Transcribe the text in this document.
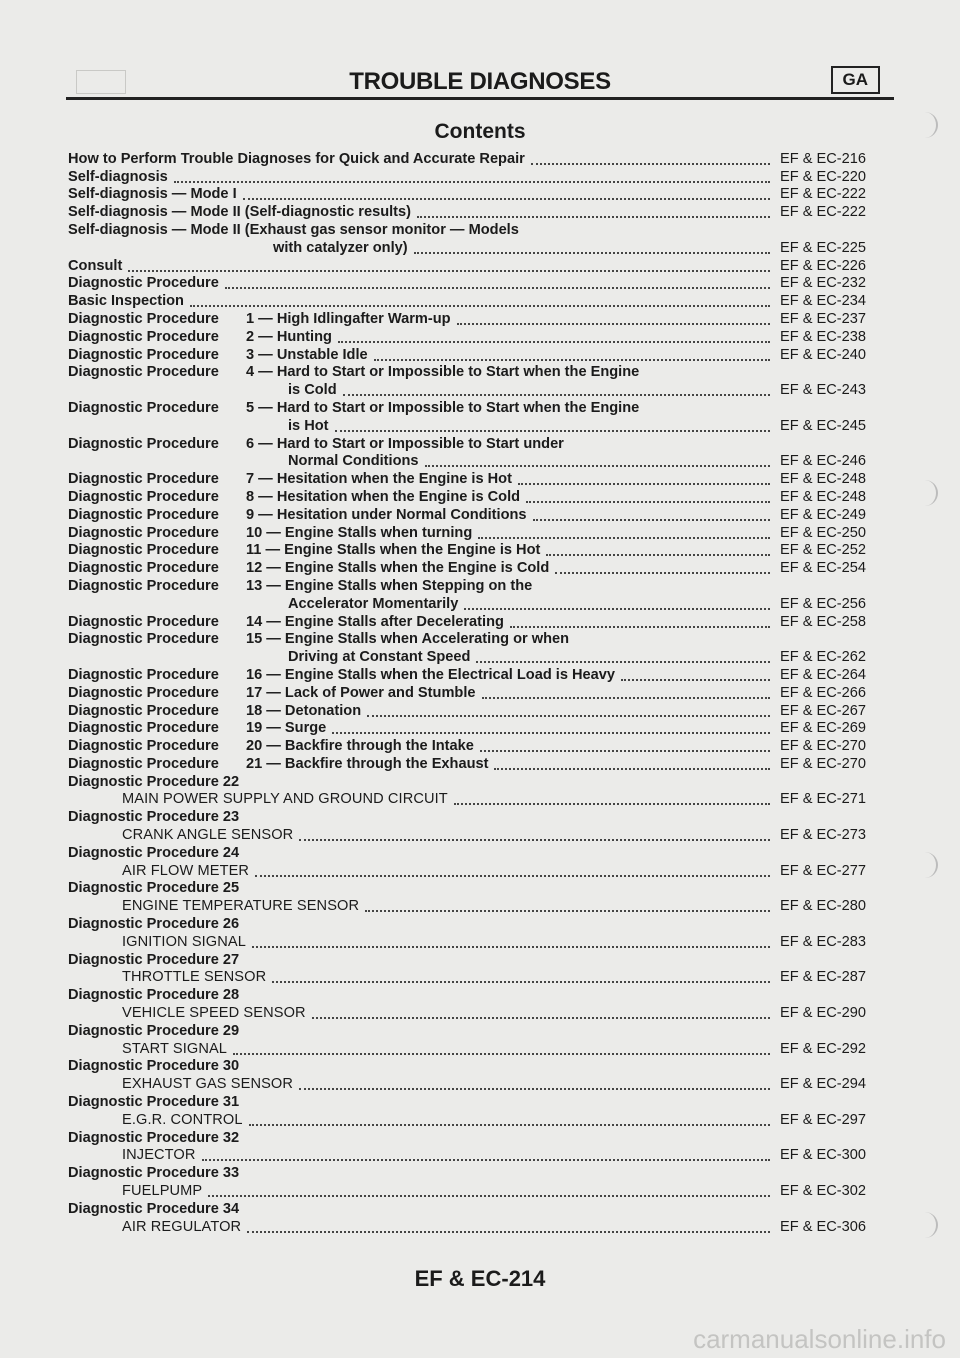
TROUBLE DIAGNOSES	GA
Contents
How to Perform Trouble Diagnoses for Quick and Accurate Repair	EF & EC-216
Self-diagnosis	EF & EC-220
Self-diagnosis — Mode I	EF & EC-222
Self-diagnosis — Mode II (Self-diagnostic results)	EF & EC-222
Self-diagnosis — Mode II (Exhaust gas sensor monitor — Models
with catalyzer only)	EF & EC-225
Consult	EF & EC-226
Diagnostic Procedure	EF & EC-232
Basic Inspection	EF & EC-234
Diagnostic Procedure 1 — High Idlingafter Warm-up	EF & EC-237
Diagnostic Procedure 2 — Hunting	EF & EC-238
Diagnostic Procedure 3 — Unstable Idle	EF & EC-240
Diagnostic Procedure 4 — Hard to Start or Impossible to Start when the Engine
is Cold	EF & EC-243
Diagnostic Procedure 5 — Hard to Start or Impossible to Start when the Engine
is Hot	EF & EC-245
Diagnostic Procedure 6 — Hard to Start or Impossible to Start under
Normal Conditions	EF & EC-246
Diagnostic Procedure 7 — Hesitation when the Engine is Hot	EF & EC-248
Diagnostic Procedure 8 — Hesitation when the Engine is Cold	EF & EC-248
Diagnostic Procedure 9 — Hesitation under Normal Conditions	EF & EC-249
Diagnostic Procedure 10 — Engine Stalls when turning	EF & EC-250
Diagnostic Procedure 11 — Engine Stalls when the Engine is Hot	EF & EC-252
Diagnostic Procedure 12 — Engine Stalls when the Engine is Cold	EF & EC-254
Diagnostic Procedure 13 — Engine Stalls when Stepping on the
Accelerator Momentarily	EF & EC-256
Diagnostic Procedure 14 — Engine Stalls after Decelerating	EF & EC-258
Diagnostic Procedure 15 — Engine Stalls when Accelerating or when
Driving at Constant Speed	EF & EC-262
Diagnostic Procedure 16 — Engine Stalls when the Electrical Load is Heavy	EF & EC-264
Diagnostic Procedure 17 — Lack of Power and Stumble	EF & EC-266
Diagnostic Procedure 18 — Detonation	EF & EC-267
Diagnostic Procedure 19 — Surge	EF & EC-269
Diagnostic Procedure 20 — Backfire through the Intake	EF & EC-270
Diagnostic Procedure 21 — Backfire through the Exhaust	EF & EC-270
Diagnostic Procedure 22
MAIN POWER SUPPLY AND GROUND CIRCUIT	EF & EC-271
Diagnostic Procedure 23
CRANK ANGLE SENSOR	EF & EC-273
Diagnostic Procedure 24
AIR FLOW METER	EF & EC-277
Diagnostic Procedure 25
ENGINE TEMPERATURE SENSOR	EF & EC-280
Diagnostic Procedure 26
IGNITION SIGNAL	EF & EC-283
Diagnostic Procedure 27
THROTTLE SENSOR	EF & EC-287
Diagnostic Procedure 28
VEHICLE SPEED SENSOR	EF & EC-290
Diagnostic Procedure 29
START SIGNAL	EF & EC-292
Diagnostic Procedure 30
EXHAUST GAS SENSOR	EF & EC-294
Diagnostic Procedure 31
E.G.R. CONTROL	EF & EC-297
Diagnostic Procedure 32
INJECTOR	EF & EC-300
Diagnostic Procedure 33
FUELPUMP	EF & EC-302
Diagnostic Procedure 34
AIR REGULATOR	EF & EC-306
EF & EC-214
carmanualsonline.info
